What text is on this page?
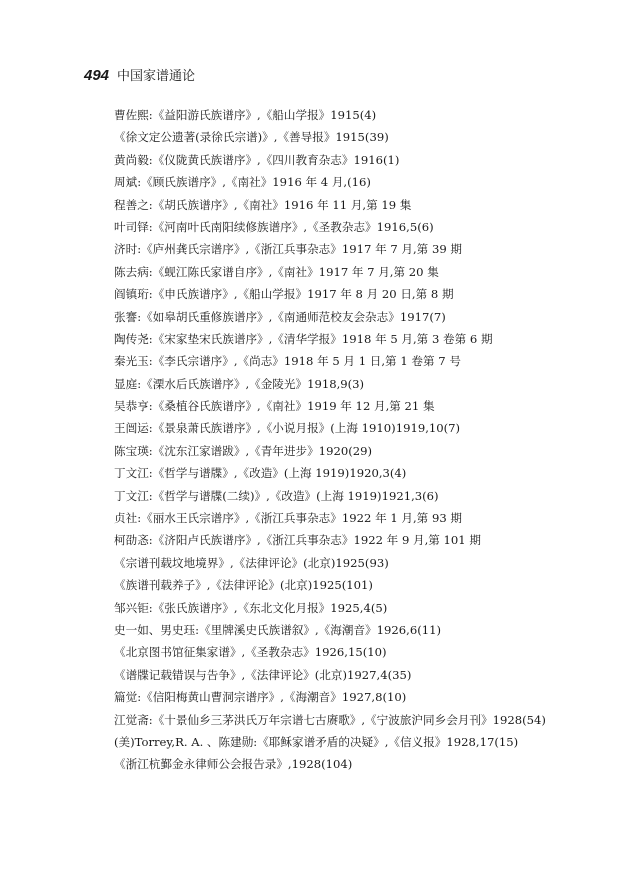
494 中国家谱通论
曹佐熙:《益阳游氏族谱序》,《船山学报》1915(4)
《徐文定公遗著(录徐氏宗谱)》,《善导报》1915(39)
黄尚毅:《仪陇黄氏族谱序》,《四川教育杂志》1916(1)
周斌:《顾氏族谱序》,《南社》1916 年 4 月,(16)
程善之:《胡氏族谱序》,《南社》1916 年 11 月,第 19 集
叶司铎:《河南叶氏南阳续修族谱序》,《圣教杂志》1916,5(6)
济时:《庐州龚氏宗谱序》,《浙江兵事杂志》1917 年 7 月,第 39 期
陈去病:《蚬江陈氏家谱自序》,《南社》1917 年 7 月,第 20 集
阎镇珩:《申氏族谱序》,《船山学报》1917 年 8 月 20 日,第 8 期
张謇:《如皋胡氏重修族谱序》,《南通师范校友会杂志》1917(7)
陶传尧:《宋家垫宋氏族谱序》,《清华学报》1918 年 5 月,第 3 卷第 6 期
秦光玉:《李氏宗谱序》,《尚志》1918 年 5 月 1 日,第 1 卷第 7 号
显庭:《溧水后氏族谱序》,《金陵光》1918,9(3)
吴恭亨:《桑植谷氏族谱序》,《南社》1919 年 12 月,第 21 集
王闿运:《景泉萧氏族谱序》,《小说月报》(上海 1910)1919,10(7)
陈宝瑛:《沈东江家谱跋》,《青年进步》1920(29)
丁文江:《哲学与谱牒》,《改造》(上海 1919)1920,3(4)
丁文江:《哲学与谱牒(二续)》,《改造》(上海 1919)1921,3(6)
贞社:《丽水王氏宗谱序》,《浙江兵事杂志》1922 年 1 月,第 93 期
柯劭忞:《济阳卢氏族谱序》,《浙江兵事杂志》1922 年 9 月,第 101 期
《宗谱刊载坟地境界》,《法律评论》(北京)1925(93)
《族谱刊载养子》,《法律评论》(北京)1925(101)
邹兴钜:《张氏族谱序》,《东北文化月报》1925,4(5)
史一如、男史珏:《里牌溪史氏族谱叙》,《海潮音》1926,6(11)
《北京图书馆征集家谱》,《圣教杂志》1926,15(10)
《谱牒记载错误与告争》,《法律评论》(北京)1927,4(35)
篇觉:《信阳梅黄山曹洞宗谱序》,《海潮音》1927,8(10)
江觉斋:《十景仙乡三茅洪氏万年宗谱七古赓歌》,《宁波旅沪同乡会月刊》1928(54)
(美)Torrey,R. A. 、陈建勋:《耶稣家谱矛盾的决疑》,《信义报》1928,17(15)
《浙江杭鄞金永律师公会报告录》,1928(104)
